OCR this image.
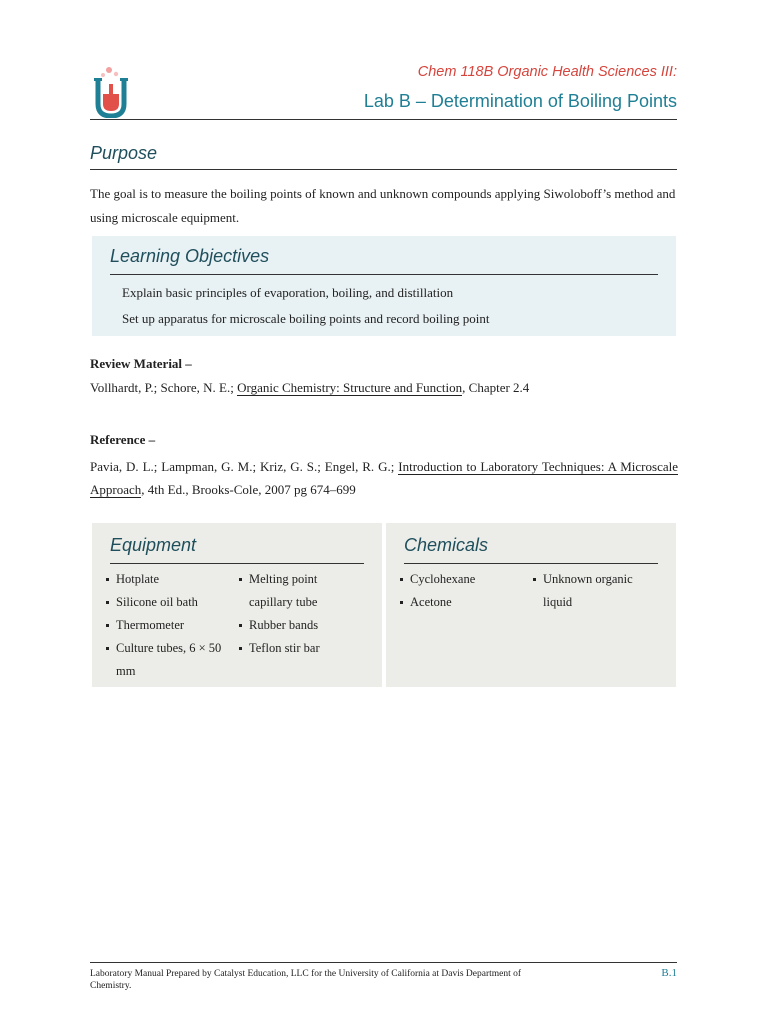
Chem 118B Organic Health Sciences III:
Lab B – Determination of Boiling Points
Purpose
The goal is to measure the boiling points of known and unknown compounds applying Siwoloboff’s method and using microscale equipment.
Learning Objectives
Explain basic principles of evaporation, boiling, and distillation
Set up apparatus for microscale boiling points and record boiling point
Review Material –
Vollhardt, P.; Schore, N. E.; Organic Chemistry: Structure and Function, Chapter 2.4
Reference –
Pavia, D. L.; Lampman, G. M.; Kriz, G. S.; Engel, R. G.; Introduction to Laboratory Techniques: A Microscale Approach, 4th Ed., Brooks-Cole, 2007 pg 674–699
Equipment
Hotplate
Silicone oil bath
Thermometer
Culture tubes, 6 × 50 mm
Melting point capillary tube
Rubber bands
Teflon stir bar
Chemicals
Cyclohexane
Acetone
Unknown organic liquid
Laboratory Manual Prepared by Catalyst Education, LLC for the University of California at Davis Department of Chemistry.
B.1
